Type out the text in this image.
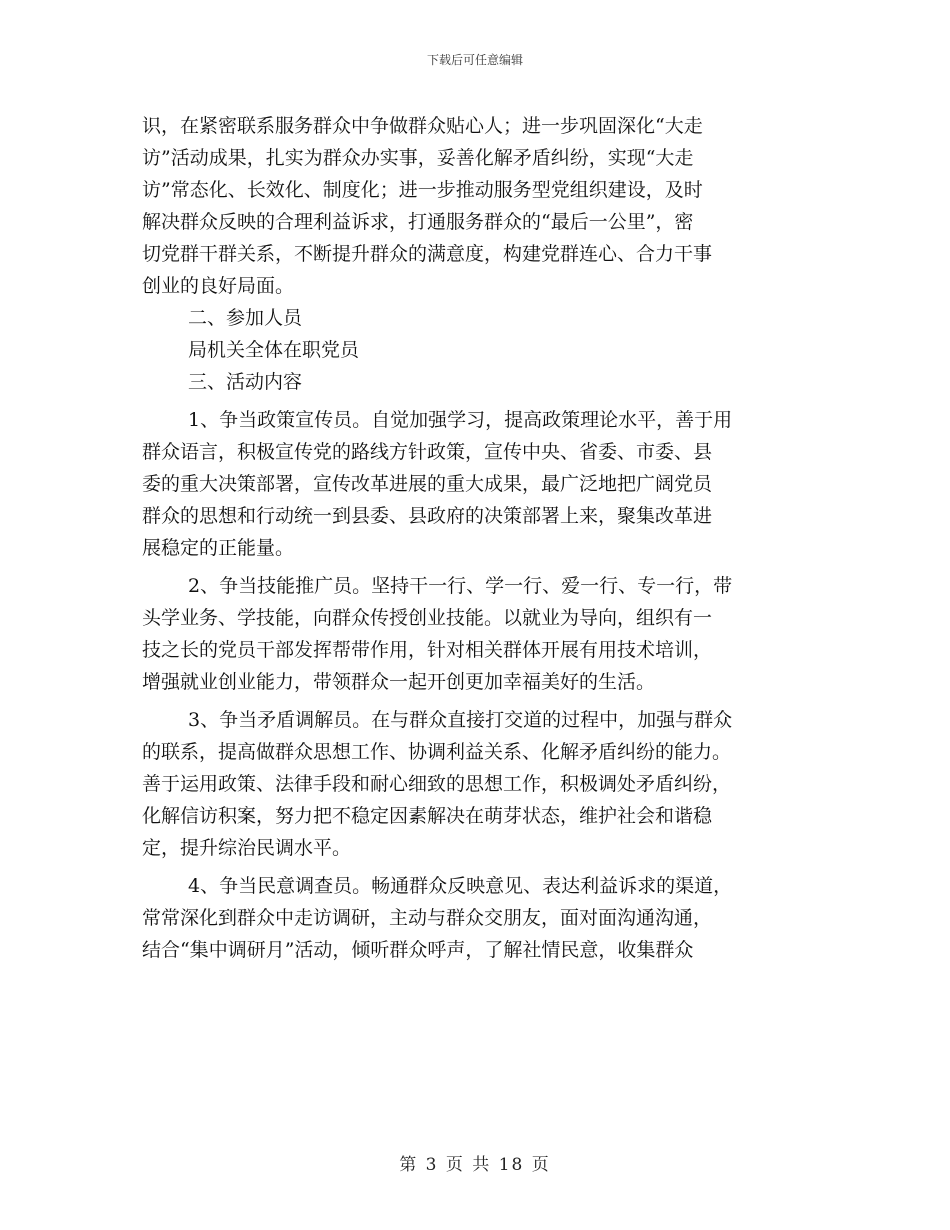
下载后可任意编辑
识，在紧密联系服务群众中争做群众贴心人；进一步巩固深化“大走
访”活动成果，扎实为群众办实事，妥善化解矛盾纠纷，实现“大走
访”常态化、长效化、制度化；进一步推动服务型党组织建设，及时
解决群众反映的合理利益诉求，打通服务群众的“最后一公里”，密
切党群干群关系，不断提升群众的满意度，构建党群连心、合力干事
创业的良好局面。
二、参加人员
局机关全体在职党员
三、活动内容
1、争当政策宣传员。自觉加强学习，提高政策理论水平，善于用
群众语言，积极宣传党的路线方针政策，宣传中央、省委、市委、县
委的重大决策部署，宣传改革进展的重大成果，最广泛地把广阔党员
群众的思想和行动统一到县委、县政府的决策部署上来，聚集改革进
展稳定的正能量。
2、争当技能推广员。坚持干一行、学一行、爱一行、专一行，带
头学业务、学技能，向群众传授创业技能。以就业为导向，组织有一
技之长的党员干部发挥帮带作用，针对相关群体开展有用技术培训，
增强就业创业能力，带领群众一起开创更加幸福美好的生活。
3、争当矛盾调解员。在与群众直接打交道的过程中，加强与群众
的联系，提高做群众思想工作、协调利益关系、化解矛盾纠纷的能力。
善于运用政策、法律手段和耐心细致的思想工作，积极调处矛盾纠纷，
化解信访积案，努力把不稳定因素解决在萌芽状态，维护社会和谐稳
定，提升综治民调水平。
4、争当民意调查员。畅通群众反映意见、表达利益诉求的渠道，
常常深化到群众中走访调研，主动与群众交朋友，面对面沟通沟通，
结合“集中调研月”活动，倾听群众呼声，了解社情民意，收集群众
第 3 页 共 18 页
